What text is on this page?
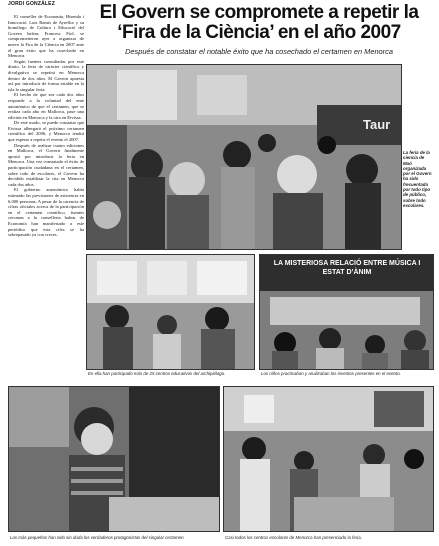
JORDI GONZÁLEZ	El Govern se compromete a repetir la ‘Fira de la Ciència’ en el año 2007
Después de constatar el notable éxito que ha cosechado el certamen en Menorca

El conseller de Economía, Hisenda i Innovació, Luis Ramis de Ayreflor y su homólogo de Cultura i Educació del Govern balear, Francesc Fiol, se comprometieron ayer a organizar de nuevo la Fira de la Ciència en 2007 ante el gran éxito que ha cosechado en Menorca.

Según fuentes consultadas por este diario, la feria de carácter científico y divulgativo se repetirá en Menorca dentro de dos años. El Govern apuesta así por introducir de forma estable en la isla la singular feria.

El hecho de que sea cada dos años responde a la voluntad del ente autonómico de que el certamen, que se realiza cada año en Mallorca, pase una edición en Menorca y la otra en Eivissa.

De este modo, se puede constatar que Eivissa albergará el próximo certamen científico del 2006, y Menorca tendrá que esperar a repetir el evento el 2007.

Después de realizar cuatro ediciones en Mallorca, el Govern finalmente apostó por introducir la feria en Menorca. Una vez constatado el éxito de participación ciudadana en el certamen, sobre todo de escolares, el Govern ha decidido establizar la cita en Menorca cada dos años.

El gobierno autonómico había estimado las previsiones de asistencia en 6.000 personas. A pesar de la carencia de cifras oficiales acerca de la participación en el certamen científico, fuentes cercanas a la conselleria balear de Economía han manifestado a este periódico que esta cifra se ha sobrepasado ya con creces.

Taur
La feria de la ciencia de Maó organizada por el Govern ha sido frecuentada por todo tipo de público, sobre todo escolares.
En ella han participado más de 25 centros educativos del archipiélago.
LA MISTERIOSA RELACIÓ ENTRE MÚSICA I ESTAT D’ÀNIM
Los niños practicaban y analizaban los inventos presentes en el evento.
Los más pequeños han sido sin duda los verdaderos protagonistas del singular certamen.	Casi todos los centros escolares de Menorca han presenciado la feria.
